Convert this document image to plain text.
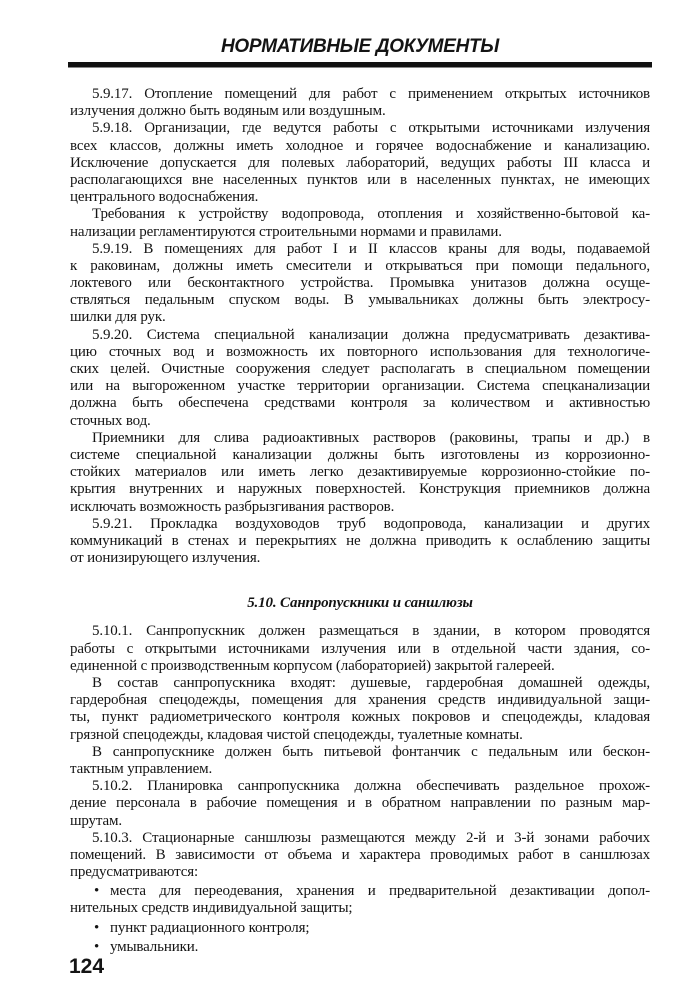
НОРМАТИВНЫЕ ДОКУМЕНТЫ
5.9.17. Отопление помещений для работ с применением открытых источников
излучения должно быть водяным или воздушным.
5.9.18. Организации, где ведутся работы с открытыми источниками излучения
всех классов, должны иметь холодное и горячее водоснабжение и канализацию.
Исключение допускается для полевых лабораторий, ведущих работы III класса и
располагающихся вне населенных пунктов или в населенных пунктах, не имеющих
центрального водоснабжения.
Требования к устройству водопровода, отопления и хозяйственно-бытовой ка-
нализации регламентируются строительными нормами и правилами.
5.9.19. В помещениях для работ I и II классов краны для воды, подаваемой
к раковинам, должны иметь смесители и открываться при помощи педального,
локтевого или бесконтактного устройства. Промывка унитазов должна осуще-
ствляться педальным спуском воды. В умывальниках должны быть электросу-
шилки для рук.
5.9.20. Система специальной канализации должна предусматривать дезактива-
цию сточных вод и возможность их повторного использования для технологиче-
ских целей. Очистные сооружения следует располагать в специальном помещении
или на выгороженном участке территории организации. Система спецканализации
должна быть обеспечена средствами контроля за количеством и активностью
сточных вод.
Приемники для слива радиоактивных растворов (раковины, трапы и др.) в
системе специальной канализации должны быть изготовлены из коррозионно-
стойких материалов или иметь легко дезактивируемые коррозионно-стойкие по-
крытия внутренних и наружных поверхностей. Конструкция приемников должна
исключать возможность разбрызгивания растворов.
5.9.21. Прокладка воздуховодов труб водопровода, канализации и других
коммуникаций в стенах и перекрытиях не должна приводить к ослаблению защиты
от ионизирующего излучения.
5.10. Санпропускники и саншлюзы
5.10.1. Санпропускник должен размещаться в здании, в котором проводятся
работы с открытыми источниками излучения или в отдельной части здания, со-
единенной с производственным корпусом (лабораторией) закрытой галереей.
В состав санпропускника входят: душевые, гардеробная домашней одежды,
гардеробная спецодежды, помещения для хранения средств индивидуальной защи-
ты, пункт радиометрического контроля кожных покровов и спецодежды, кладовая
грязной спецодежды, кладовая чистой спецодежды, туалетные комнаты.
В санпропускнике должен быть питьевой фонтанчик с педальным или бескон-
тактным управлением.
5.10.2. Планировка санпропускника должна обеспечивать раздельное прохож-
дение персонала в рабочие помещения и в обратном направлении по разным мар-
шрутам.
5.10.3. Стационарные саншлюзы размещаются между 2-й и 3-й зонами рабочих
помещений. В зависимости от объема и характера проводимых работ в саншлюзах
предусматриваются:
• места для переодевания, хранения и предварительной дезактивации допол-
нительных средств индивидуальной защиты;
• пункт радиационного контроля;
• умывальники.
124
